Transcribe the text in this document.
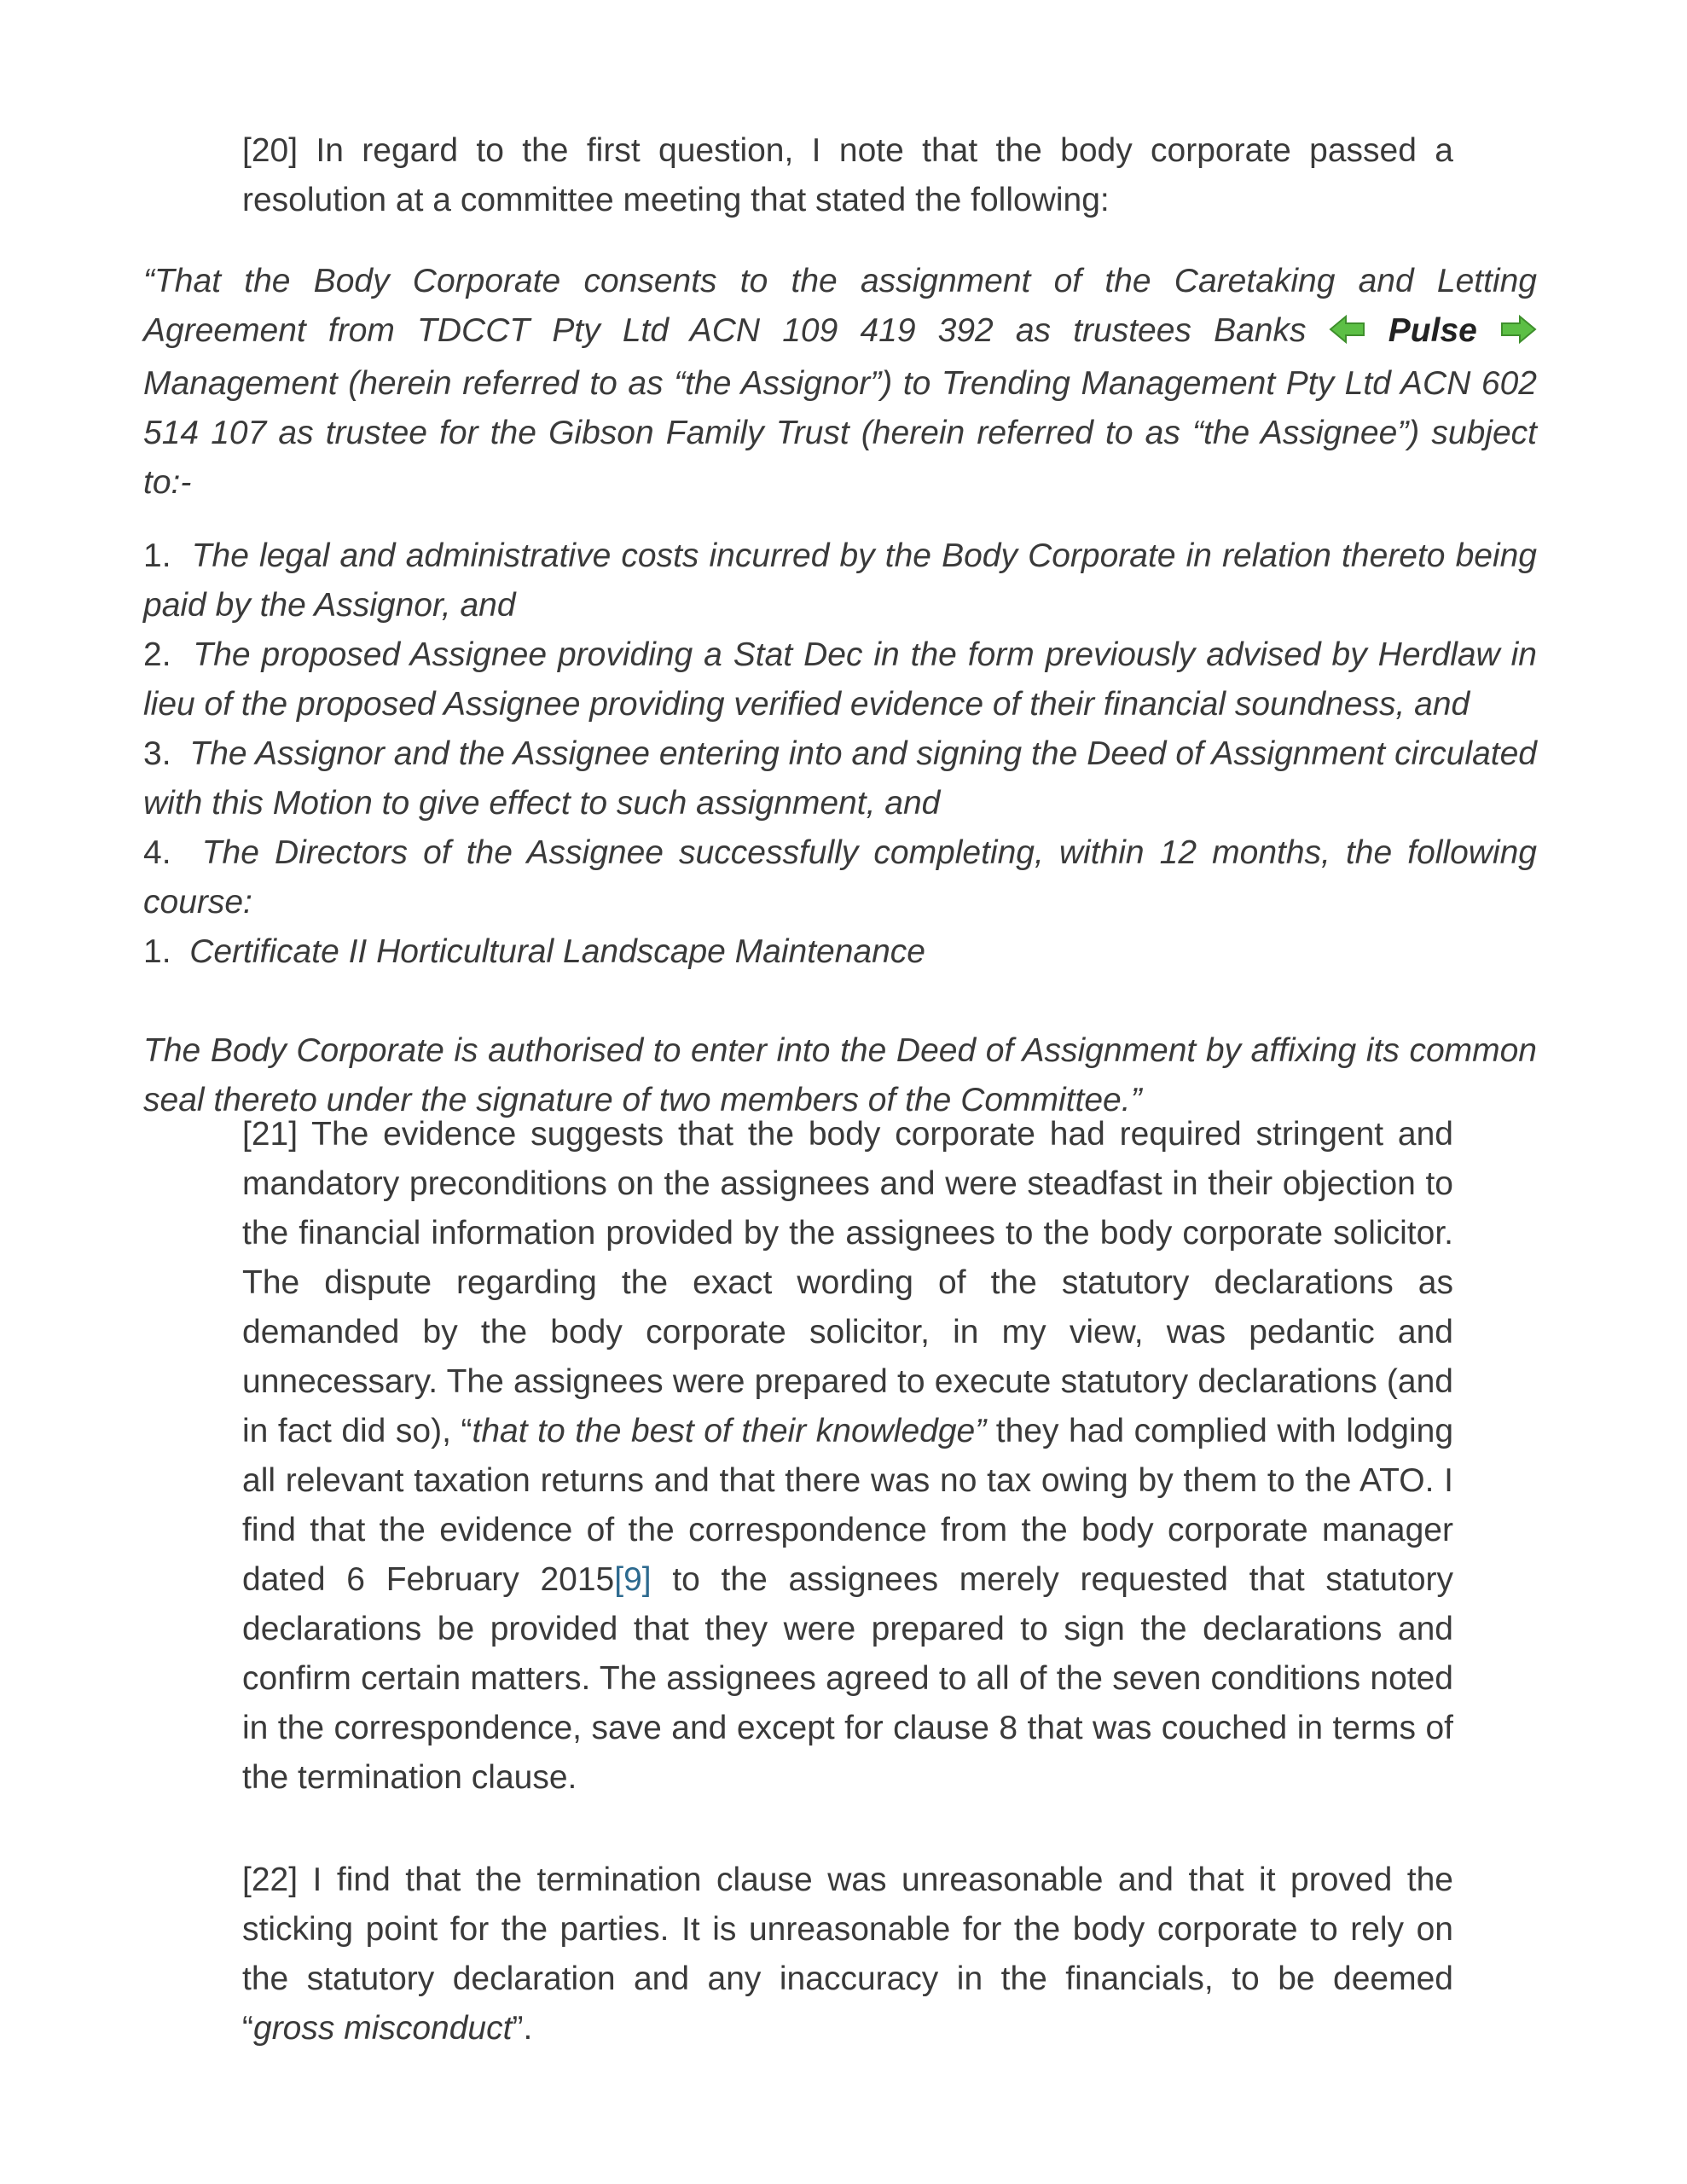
[20] In regard to the first question, I note that the body corporate passed a resolution at a committee meeting that stated the following:

“That the Body Corporate consents to the assignment of the Caretaking and Letting Agreement from TDCCT Pty Ltd ACN 109 419 392 as trustees Banks Pulse  Management (herein referred to as “the Assignor”) to Trending Management Pty Ltd ACN 602 514 107 as trustee for the Gibson Family Trust (herein referred to as “the Assignee”) subject to:-
1. The legal and administrative costs incurred by the Body Corporate in relation thereto being paid by the Assignor, and
2. The proposed Assignee providing a Stat Dec in the form previously advised by Herdlaw in lieu of the proposed Assignee providing verified evidence of their financial soundness, and
3. The Assignor and the Assignee entering into and signing the Deed of Assignment circulated with this Motion to give effect to such assignment, and
4. The Directors of the Assignee successfully completing, within 12 months, the following course:
1. Certificate II Horticultural Landscape Maintenance
The Body Corporate is authorised to enter into the Deed of Assignment by affixing its common seal thereto under the signature of two members of the Committee.”

[21] The evidence suggests that the body corporate had required stringent and mandatory preconditions on the assignees and were steadfast in their objection to the financial information provided by the assignees to the body corporate solicitor. The dispute regarding the exact wording of the statutory declarations as demanded by the body corporate solicitor, in my view, was pedantic and unnecessary. The assignees were prepared to execute statutory declarations (and in fact did so), “that to the best of their knowledge” they had complied with lodging all relevant taxation returns and that there was no tax owing by them to the ATO. I find that the evidence of the correspondence from the body corporate manager dated 6 February 2015[9] to the assignees merely requested that statutory declarations be provided that they were prepared to sign the declarations and confirm certain matters. The assignees agreed to all of the seven conditions noted in the correspondence, save and except for clause 8 that was couched in terms of the termination clause.

[22] I find that the termination clause was unreasonable and that it proved the sticking point for the parties. It is unreasonable for the body corporate to rely on the statutory declaration and any inaccuracy in the financials, to be deemed “gross misconduct”.
